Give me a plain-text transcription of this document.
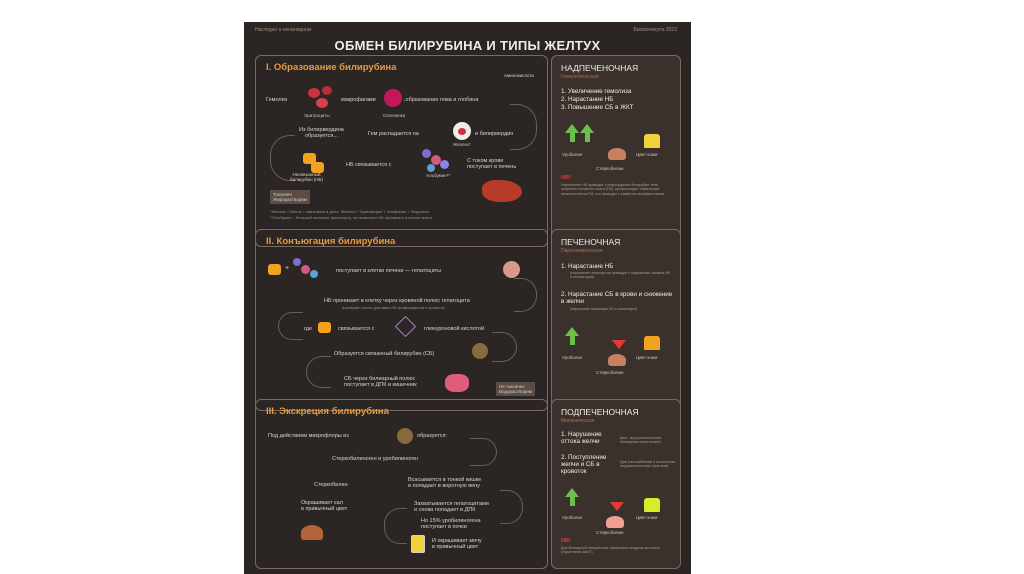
Наглядно о неналядном	Биомолекула 2023
ОБМЕН БИЛИРУБИНА И ТИПЫ ЖЕЛТУХ
I. Образование билирубина
Аминокислота
Гемолиз
Эритроциты
макрофагами
Селезенка
,образование гема и глобина
Из билирвердина
образуется...	Гем распадается на
Железо*
и билирвердин
Несвязанный
билирубин (НБ)
НБ связывается с
Альбумин**
С током крови
поступает в печень
Токсичен
Жирорастворим
*Железо + Белок + связывать в депо: Железо + Трансферин + Апоферин = Ферритин
**Альбумин – большой молекул транспорту, не позволяет НБ проникать в клетки мозга
НАДПЕЧЕНОЧНАЯ
Гемолитическая
1. Увеличение гемолиза
2. Нарастание НБ
3. Повышение СБ в ЖКТ
Уробилин	Цвет кожи
Стеркобилин
NB!
Накопление НБ приводит к повреждению билирубин тела нейронов головного мозга (ГМ), прогрессирует химическая гипоксия клеток ГМ, что приводит к развитию энцефалопатии
II. Конъюгация билирубина
+	поступает в клетки печени — гепатоциты
НБ проникает в клетку через кровяной полюс гепатоцита
Альбумин после доставки НБ возвращается в кровоток
где	связывается с	глюкуроновой кислотой
Образуется связанный билирубин (СБ)
СБ через билиарный полюс
поступает в ДПК и кишечник	Не токсичен
Водорастворим
ПЕЧЕНОЧНАЯ
Паренхиматозная
1. Нарастание НБ
(поражение гепатоцитов приводит к нарушению захвата НБ и конъюгации)
2. Нарастание СБ в крови и снижение в желчи
(нарушение экскреции СБ в капилляры)
Уробилин	Цвет кожи
Стеркобилин
III. Экскреция билирубина
Под действием микрофлоры из	образуется:
Стеркобилиноген и уробилиноген
Стеркобилин
Всасывается в тонкой кишке
и попадает в воротную вену
Окрашивает кал
в привычный цвет
Захватывается гепатоцитами
и снова попадает в ДПК
Но 15% уробилиногена
поступает в почки
И окрашивает мочу
в привычный цвет
ПОДПЕЧЕНОЧНАЯ
Механическая
1. Нарушение оттока желчи
(вне-, внутрипеченочная билиарная гипертензия)
2. Поступление желчи и СБ в кровоток
(при расслаблении и истончении внутрипеченочных протоков)
Уробилин	Цвет кожи
Стеркобилин
NB!
Для билиарной гипертензии характерен синдром цитолиза (нарастание АлАТ)
